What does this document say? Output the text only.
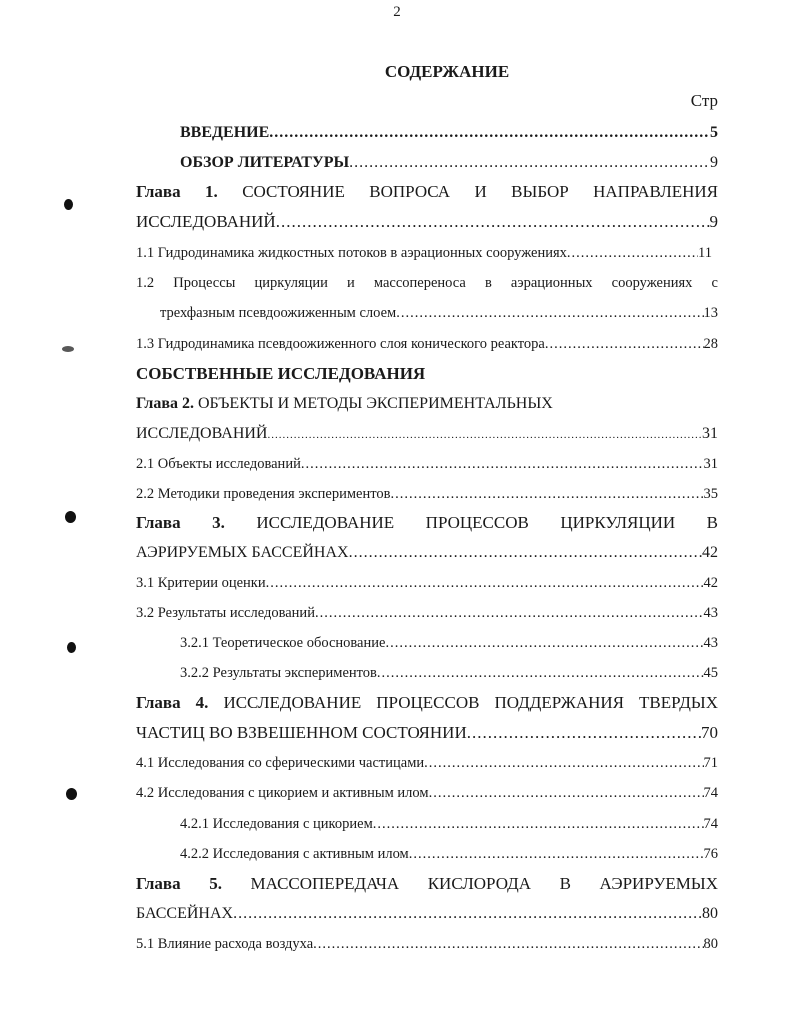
2
СОДЕРЖАНИЕ
Стр
ВВЕДЕНИЕ .....	5
ОБЗОР ЛИТЕРАТУРЫ .....	9
Глава 1. СОСТОЯНИЕ ВОПРОСА И ВЫБОР НАПРАВЛЕНИЯ
ИССЛЕДОВАНИЙ .....	9
1.1 Гидродинамика жидкостных потоков в аэрационных сооружениях .....	11
1.2 Процессы циркуляции и массопереноса в аэрационных сооружениях с
трехфазным псевдоожиженным слоем .....	13
1.3 Гидродинамика псевдоожиженного слоя конического реактора .....	28
СОБСТВЕННЫЕ ИССЛЕДОВАНИЯ
Глава 2. ОБЪЕКТЫ И МЕТОДЫ ЭКСПЕРИМЕНТАЛЬНЫХ
ИССЛЕДОВАНИЙ .....	31
2.1 Объекты исследований .....	31
2.2 Методики проведения экспериментов .....	35
Глава 3. ИССЛЕДОВАНИЕ ПРОЦЕССОВ ЦИРКУЛЯЦИИ В
АЭРИРУЕМЫХ БАССЕЙНАХ .....	42
3.1 Критерии оценки .....	42
3.2 Результаты исследований .....	43
3.2.1 Теоретическое обоснование .....	43
3.2.2 Результаты экспериментов .....	45
Глава 4. ИССЛЕДОВАНИЕ ПРОЦЕССОВ ПОДДЕРЖАНИЯ ТВЕРДЫХ
ЧАСТИЦ ВО ВЗВЕШЕННОМ СОСТОЯНИИ .....	70
4.1 Исследования со сферическими частицами .....	71
4.2 Исследования с цикорием и активным илом .....	74
4.2.1 Исследования с цикорием .....	74
4.2.2 Исследования с активным илом .....	76
Глава 5. МАССОПЕРЕДАЧА КИСЛОРОДА В АЭРИРУЕМЫХ
БАССЕЙНАХ .....	80
5.1 Влияние расхода воздуха .....	80
